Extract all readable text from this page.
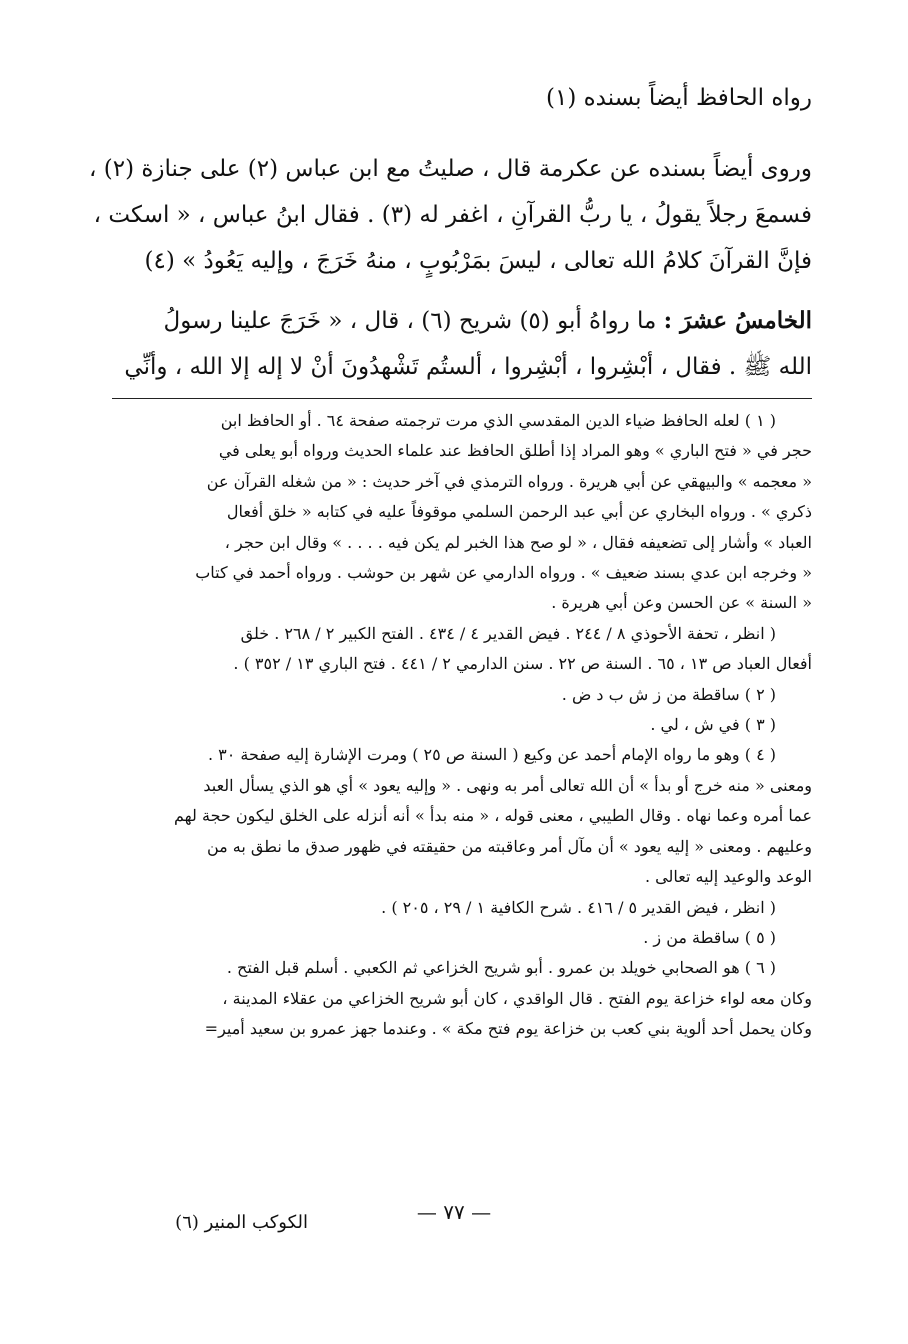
رواه الحافظ أيضاً بسنده (١)

وروى أيضاً بسنده عن عكرمة قال ، صليتُ مع ابن عباس (٢) على جنازة (٢) ،

فسمعَ رجلاً يقولُ ، يا ربُّ القرآنِ ، اغفر له (٣) . فقال ابنُ عباس ، « اسكت ،

فإنَّ القرآنَ كلامُ الله تعالى ، ليسَ بمَرْبُوبٍ ، منهُ خَرَجَ ، وإليه يَعُودُ » (٤)

الخامسُ عشرَ : ما رواهُ أبو (٥) شريح (٦) ، قال ، « خَرَجَ علينا رسولُ

الله ﷺ . فقال ، أبْشِروا ، أبْشِروا ، ألستُم تَشْهدُونَ أنْ لا إله إلا الله ، وأنِّي

( ١ ) لعله الحافظ ضياء الدين المقدسي الذي مرت ترجمته صفحة ٦٤ . أو الحافظ ابن
حجر في « فتح الباري » وهو المراد إذا أطلق الحافظ عند علماء الحديث ورواه أبو يعلى في
« معجمه » والبيهقي عن أبي هريرة . ورواه الترمذي في آخر حديث : « من شغله القرآن عن
ذكري » . ورواه البخاري عن أبي عبد الرحمن السلمي موقوفاً عليه في كتابه « خلق أفعال
العباد » وأشار إلى تضعيفه فقال ، « لو صح هذا الخبر لم يكن فيه . . . . » وقال ابن حجر ،
« وخرجه ابن عدي بسند ضعيف » . ورواه الدارمي عن شهر بن حوشب . ورواه أحمد في كتاب
« السنة » عن الحسن وعن أبي هريرة .
( انظر ، تحفة الأحوذي ٨ / ٢٤٤ . فيض القدير ٤ / ٤٣٤ . الفتح الكبير ٢ / ٢٦٨ . خلق
أفعال العباد ص ١٣ ، ٦٥ . السنة ص ٢٢ . سنن الدارمي ٢ / ٤٤١ . فتح الباري ١٣ / ٣٥٢ ) .
( ٢ ) ساقطة من ز ش ب د ض .
( ٣ ) في ش ، لي .
( ٤ ) وهو ما رواه الإمام أحمد عن وكيع ( السنة ص ٢٥ ) ومرت الإشارة إليه صفحة ٣٠ .
ومعنى « منه خرج أو بدأ » أن الله تعالى أمر به ونهى . « وإليه يعود » أي هو الذي يسأل العبد
عما أمره وعما نهاه . وقال الطيبي ، معنى قوله ، « منه بدأ » أنه أنزله على الخلق ليكون حجة لهم
وعليهم . ومعنى « إليه يعود » أن مآل أمر وعاقبته من حقيقته في ظهور صدق ما نطق به من
الوعد والوعيد إليه تعالى .
( انظر ، فيض القدير ٥ / ٤١٦ . شرح الكافية ١ / ٢٩ ، ٢٠٥ ) .
( ٥ ) ساقطة من ز .
( ٦ ) هو الصحابي خويلد بن عمرو . أبو شريح الخزاعي ثم الكعبي . أسلم قبل الفتح .
وكان معه لواء خزاعة يوم الفتح . قال الواقدي ، كان أبو شريح الخزاعي من عقلاء المدينة ،
وكان يحمل أحد ألوية بني كعب بن خزاعة يوم فتح مكة » . وعندما جهز عمرو بن سعيد أمير=
— ٧٧ —
الكوكب المنير (٦)
